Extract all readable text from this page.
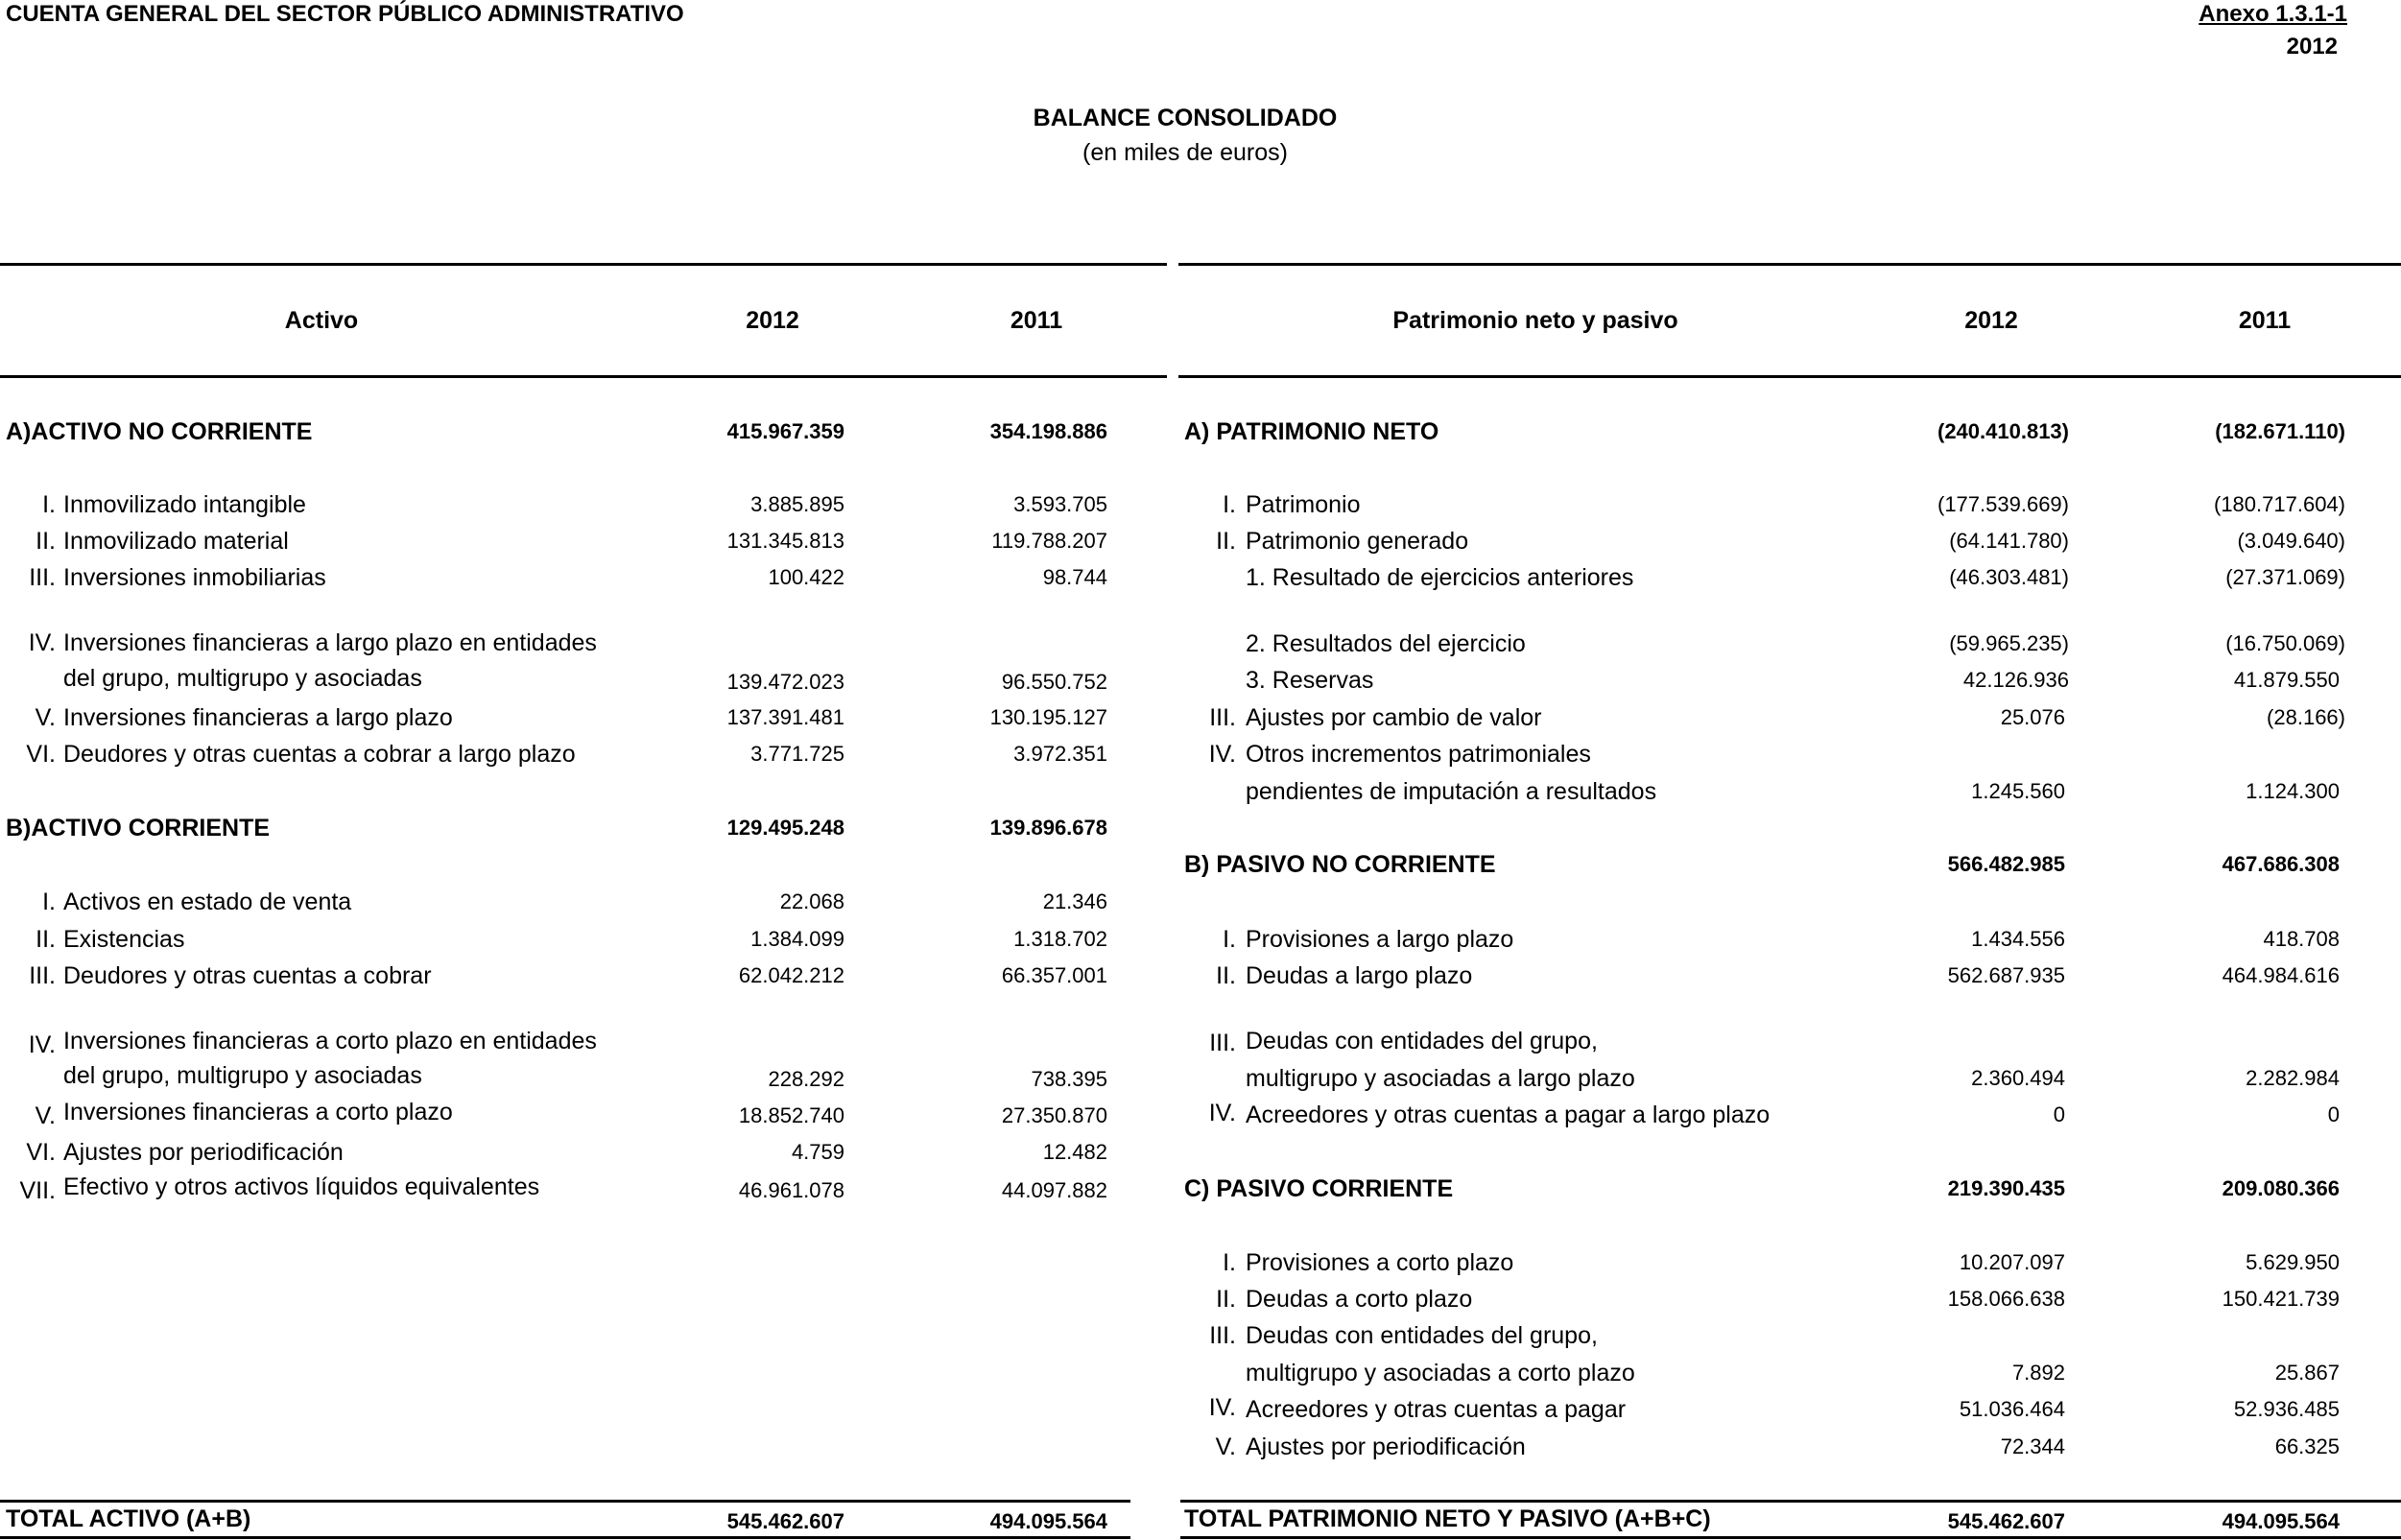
CUENTA GENERAL DEL SECTOR PÚBLICO ADMINISTRATIVO	Anexo 1.3.1-1
2012
BALANCE CONSOLIDADO
(en miles de euros)
Activo	2012	2011	Patrimonio neto y pasivo	2012	2011
A)ACTIVO NO CORRIENTE	415.967.359	354.198.886
I. Inmovilizado intangible	3.885.895	3.593.705
II. Inmovilizado material	131.345.813	119.788.207
III. Inversiones inmobiliarias	100.422	98.744
IV. Inversiones financieras a largo plazo en entidades
del grupo, multigrupo y asociadas	139.472.023	96.550.752
V. Inversiones financieras a largo plazo	137.391.481	130.195.127
VI. Deudores y otras cuentas a cobrar a largo plazo	3.771.725	3.972.351
B)ACTIVO CORRIENTE	129.495.248	139.896.678
I. Activos en estado de venta	22.068	21.346
II. Existencias	1.384.099	1.318.702
III. Deudores y otras cuentas a cobrar	62.042.212	66.357.001
IV. Inversiones financieras a corto plazo en entidades
del grupo, multigrupo y asociadas	228.292	738.395
V. Inversiones financieras a corto plazo	18.852.740	27.350.870
VI. Ajustes por periodificación	4.759	12.482
VII. Efectivo y otros activos líquidos equivalentes	46.961.078	44.097.882
TOTAL ACTIVO (A+B)	545.462.607	494.095.564
A) PATRIMONIO NETO	(240.410.813)	(182.671.110)
I. Patrimonio	(177.539.669)	(180.717.604)
II. Patrimonio generado	(64.141.780)	(3.049.640)
1. Resultado de ejercicios anteriores	(46.303.481)	(27.371.069)
2. Resultados del ejercicio	(59.965.235)	(16.750.069)
3. Reservas	42.126.936	41.879.550
III. Ajustes por cambio de valor	25.076	(28.166)
IV. Otros incrementos patrimoniales
pendientes de imputación a resultados	1.245.560	1.124.300
B) PASIVO NO CORRIENTE	566.482.985	467.686.308
I. Provisiones a largo plazo	1.434.556	418.708
II. Deudas a largo plazo	562.687.935	464.984.616
III. Deudas con entidades del grupo,
multigrupo y asociadas a largo plazo	2.360.494	2.282.984
IV. Acreedores y otras cuentas a pagar a largo plazo	0	0
C) PASIVO CORRIENTE	219.390.435	209.080.366
I. Provisiones a corto plazo	10.207.097	5.629.950
II. Deudas a corto plazo	158.066.638	150.421.739
III. Deudas con entidades del grupo,
multigrupo y asociadas a corto plazo	7.892	25.867
IV. Acreedores y otras cuentas a pagar	51.036.464	52.936.485
V. Ajustes por periodificación	72.344	66.325
TOTAL PATRIMONIO NETO Y PASIVO (A+B+C)	545.462.607	494.095.564
